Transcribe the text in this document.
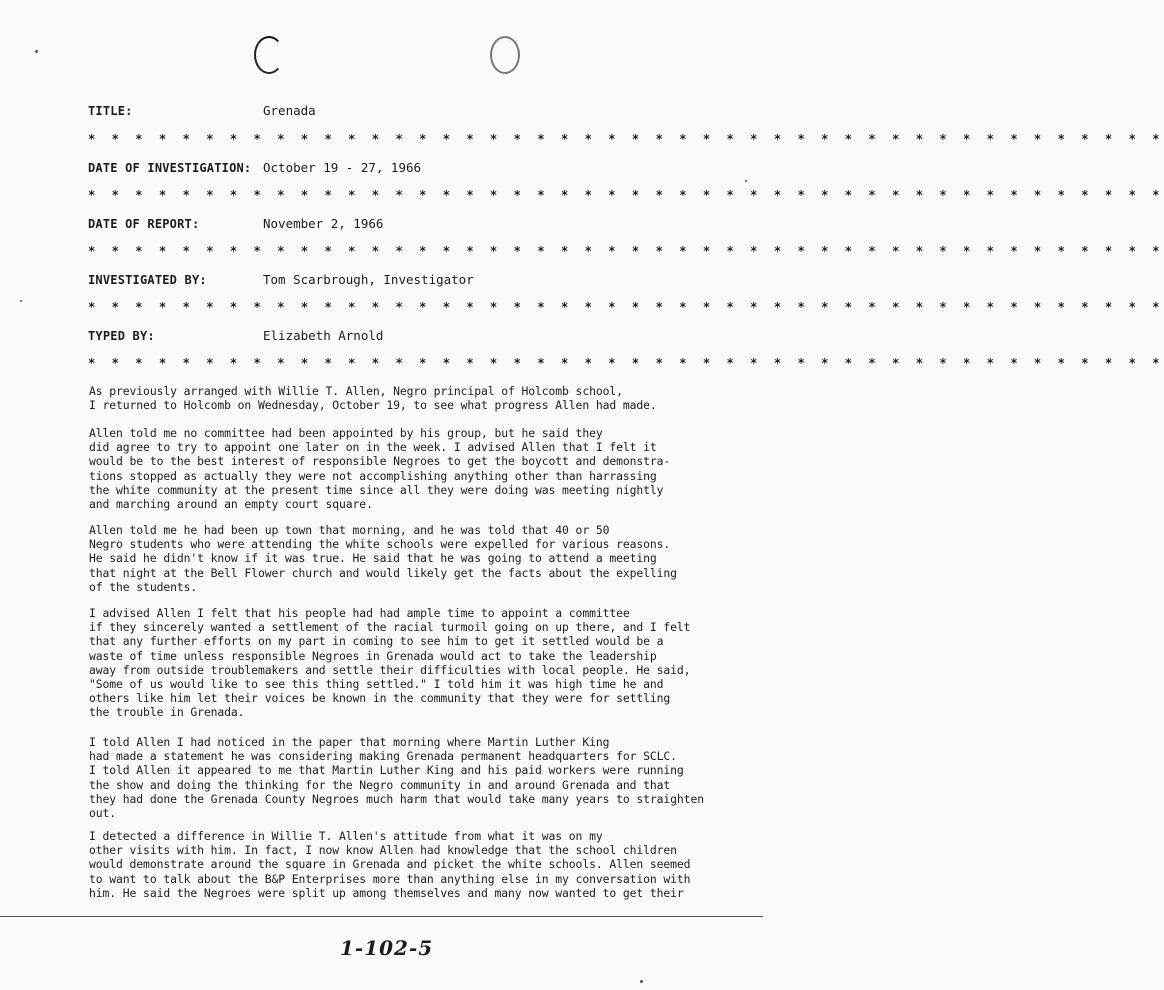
TITLE:	Grenada
* * * * * * * * * * * * * * * * * * * * * * * * * * * * * * * * * * * * * * * * * * * * * *
DATE OF INVESTIGATION: October 19 - 27, 1966
* * * * * * * * * * * * * * * * * * * * * * * * * * * * * * * * * * * * * * * * * * * * * *
DATE OF REPORT:	November 2, 1966
* * * * * * * * * * * * * * * * * * * * * * * * * * * * * * * * * * * * * * * * * * * * * *
INVESTIGATED BY:	Tom Scarbrough, Investigator
* * * * * * * * * * * * * * * * * * * * * * * * * * * * * * * * * * * * * * * * * * * * * *
TYPED BY:	Elizabeth Arnold
* * * * * * * * * * * * * * * * * * * * * * * * * * * * * * * * * * * * * * * * * * * * * *
As previously arranged with Willie T. Allen, Negro principal of Holcomb school,
I returned to Holcomb on Wednesday, October 19, to see what progress Allen had made.
Allen told me no committee had been appointed by his group, but he said they
did agree to try to appoint one later on in the week. I advised Allen that I felt it
would be to the best interest of responsible Negroes to get the boycott and demonstra-
tions stopped as actually they were not accomplishing anything other than harrassing
the white community at the present time since all they were doing was meeting nightly
and marching around an empty court square.
Allen told me he had been up town that morning, and he was told that 40 or 50
Negro students who were attending the white schools were expelled for various reasons.
He said he didn't know if it was true. He said that he was going to attend a meeting
that night at the Bell Flower church and would likely get the facts about the expelling
of the students.
I advised Allen I felt that his people had had ample time to appoint a committee
if they sincerely wanted a settlement of the racial turmoil going on up there, and I felt
that any further efforts on my part in coming to see him to get it settled would be a
waste of time unless responsible Negroes in Grenada would act to take the leadership
away from outside troublemakers and settle their difficulties with local people. He said,
"Some of us would like to see this thing settled." I told him it was high time he and
others like him let their voices be known in the community that they were for settling
the trouble in Grenada.
I told Allen I had noticed in the paper that morning where Martin Luther King
had made a statement he was considering making Grenada permanent headquarters for SCLC.
I told Allen it appeared to me that Martin Luther King and his paid workers were running
the show and doing the thinking for the Negro community in and around Grenada and that
they had done the Grenada County Negroes much harm that would take many years to straighten
out.
I detected a difference in Willie T. Allen's attitude from what it was on my
other visits with him. In fact, I now know Allen had knowledge that the school children
would demonstrate around the square in Grenada and picket the white schools. Allen seemed
to want to talk about the B&P Enterprises more than anything else in my conversation with
him. He said the Negroes were split up among themselves and many now wanted to get their
1-102-5
